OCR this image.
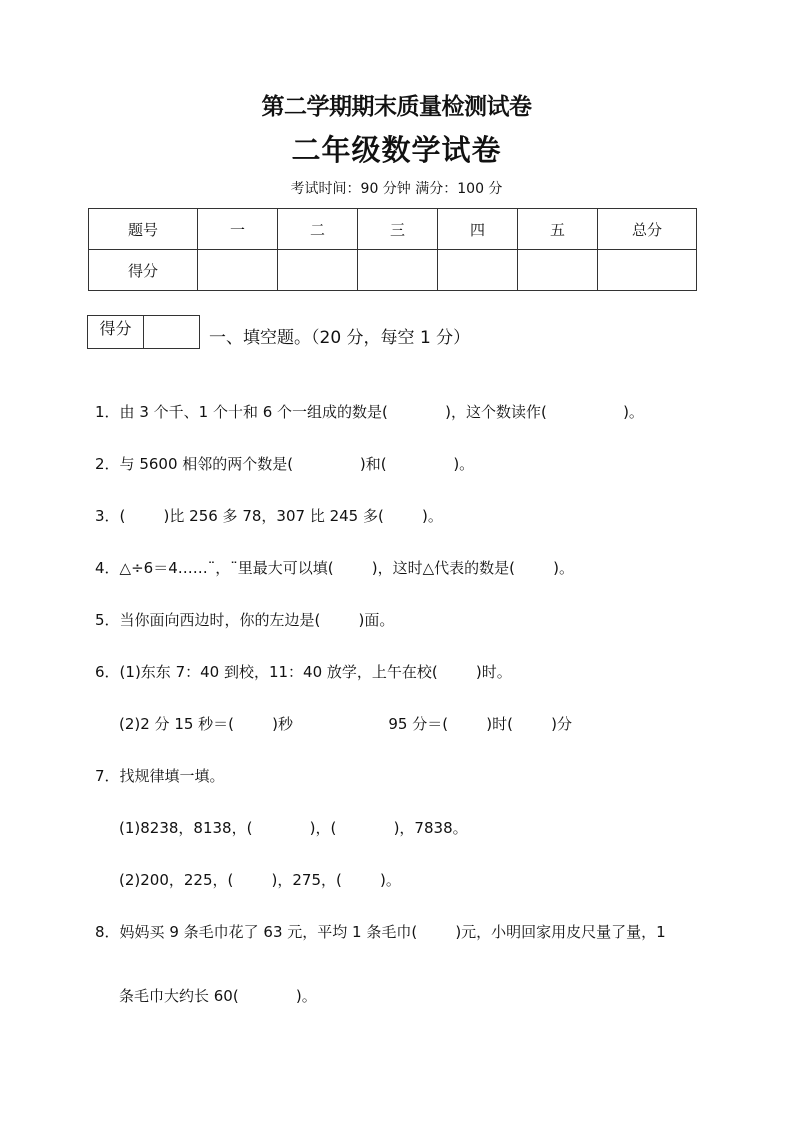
第二学期期末质量检测试卷
二年级数学试卷
考试时间：90 分钟 满分：100 分
题号	一	二	三	四	五	总分
得分						
得分	一、填空题。（20 分，每空 1 分）
1．由 3 个千、1 个十和 6 个一组成的数是(            )，这个数读作(                )。
2．与 5600 相邻的两个数是(              )和(              )。
3．(        )比 256 多 78，307 比 245 多(        )。
4．△÷6＝4……¨，¨里最大可以填(        )，这时△代表的数是(        )。
5．当你面向西边时，你的左边是(        )面。
6．(1)东东 7：40 到校，11：40 放学，上午在校(        )时。
(2)2 分 15 秒＝(        )秒                    95 分＝(        )时(        )分
7．找规律填一填。
(1)8238，8138，(            )，(            )，7838。
(2)200，225，(        )，275，(        )。
8．妈妈买 9 条毛巾花了 63 元，平均 1 条毛巾(        )元，小明回家用皮尺量了量，1
条毛巾大约长 60(            )。
